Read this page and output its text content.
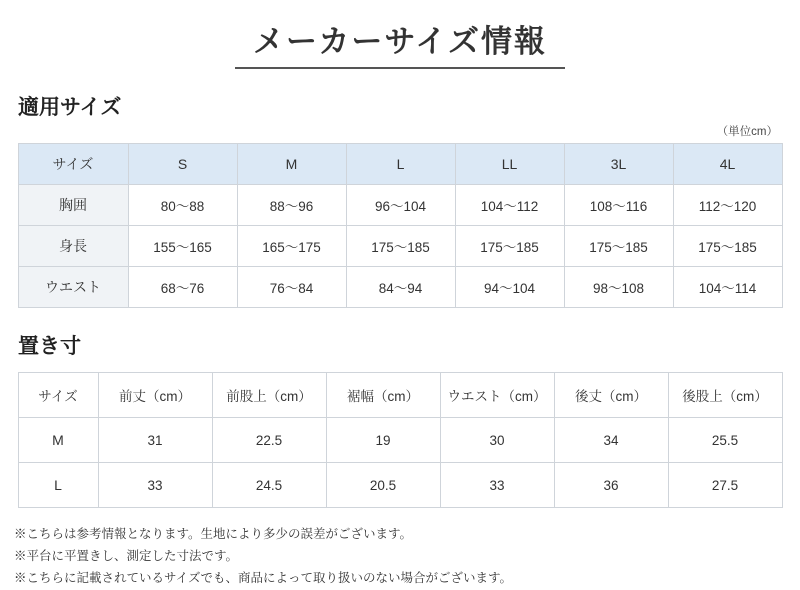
メーカーサイズ情報
適用サイズ
（単位cm）
サイズ	S	M	L	LL	3L	4L
胸囲	80〜88	88〜96	96〜104	104〜112	108〜116	112〜120
身長	155〜165	165〜175	175〜185	175〜185	175〜185	175〜185
ウエスト	68〜76	76〜84	84〜94	94〜104	98〜108	104〜114
置き寸
サイズ	前丈（cm）	前股上（cm）	裾幅（cm）	ウエスト（cm）	後丈（cm）	後股上（cm）
M	31	22.5	19	30	34	25.5
L	33	24.5	20.5	33	36	27.5
※こちらは参考情報となります。生地により多少の誤差がございます。
※平台に平置きし、測定した寸法です。
※こちらに記載されているサイズでも、商品によって取り扱いのない場合がございます。
